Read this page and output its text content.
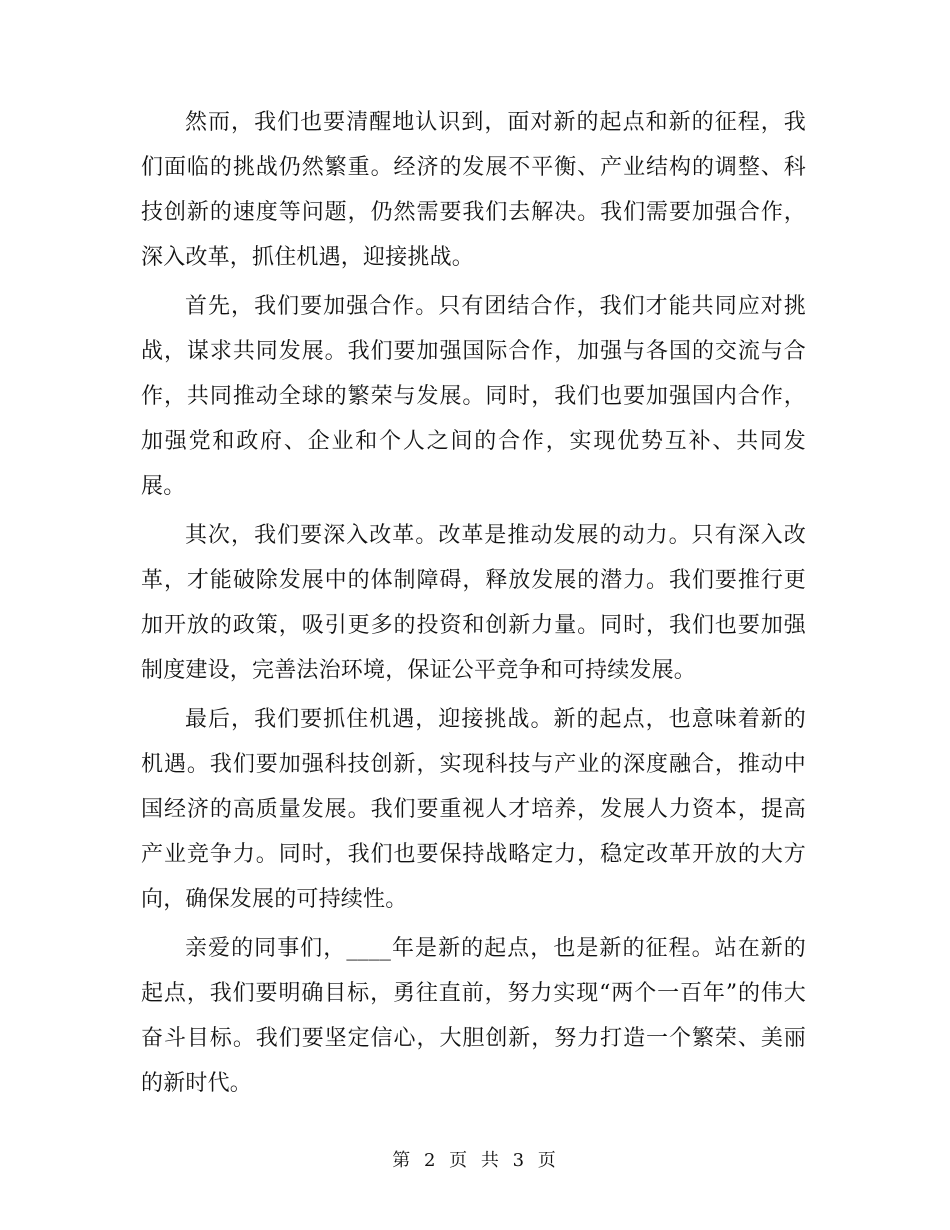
然而，我们也要清醒地认识到，面对新的起点和新的征程，我们面临的挑战仍然繁重。经济的发展不平衡、产业结构的调整、科技创新的速度等问题，仍然需要我们去解决。我们需要加强合作，深入改革，抓住机遇，迎接挑战。

首先，我们要加强合作。只有团结合作，我们才能共同应对挑战，谋求共同发展。我们要加强国际合作，加强与各国的交流与合作，共同推动全球的繁荣与发展。同时，我们也要加强国内合作，加强党和政府、企业和个人之间的合作，实现优势互补、共同发展。

其次，我们要深入改革。改革是推动发展的动力。只有深入改革，才能破除发展中的体制障碍，释放发展的潜力。我们要推行更加开放的政策，吸引更多的投资和创新力量。同时，我们也要加强制度建设，完善法治环境，保证公平竞争和可持续发展。

最后，我们要抓住机遇，迎接挑战。新的起点，也意味着新的机遇。我们要加强科技创新，实现科技与产业的深度融合，推动中国经济的高质量发展。我们要重视人才培养，发展人力资本，提高产业竞争力。同时，我们也要保持战略定力，稳定改革开放的大方向，确保发展的可持续性。

亲爱的同事们，____年是新的起点，也是新的征程。站在新的起点，我们要明确目标，勇往直前，努力实现“两个一百年”的伟大奋斗目标。我们要坚定信心，大胆创新，努力打造一个繁荣、美丽的新时代。

第 2 页 共 3 页
